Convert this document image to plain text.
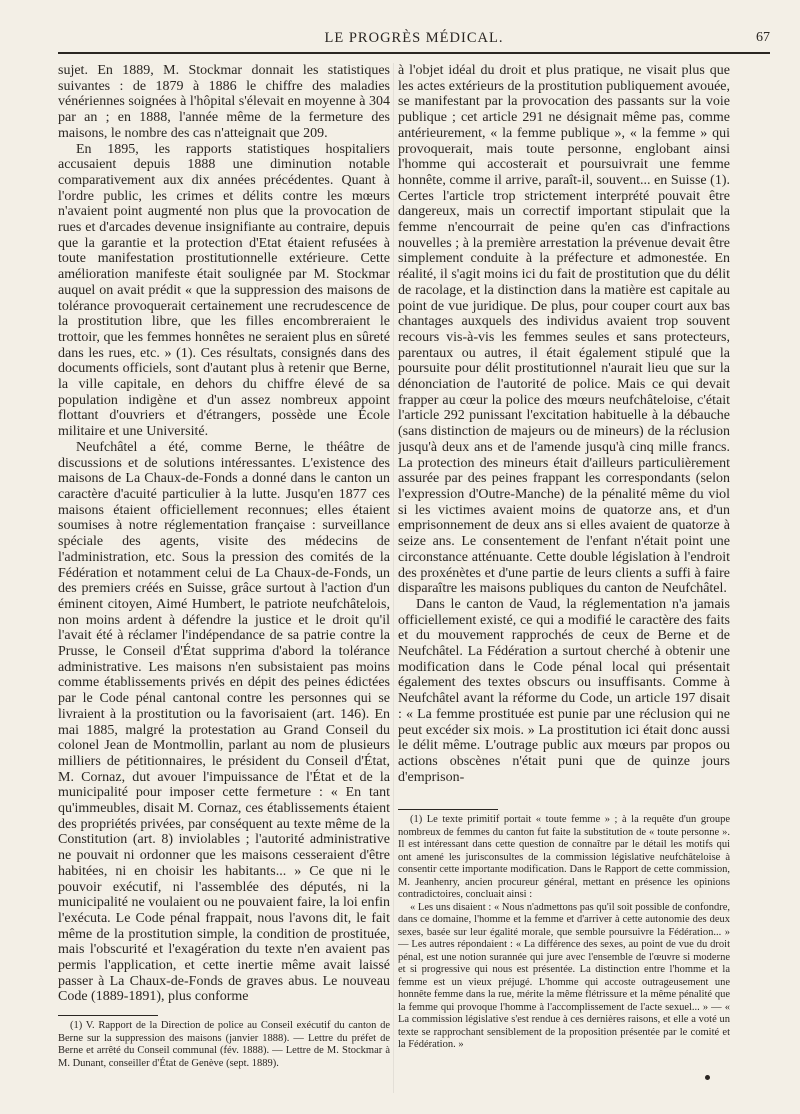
LE PROGRÈS MÉDICAL.	67

sujet. En 1889, M. Stockmar donnait les statistiques suivantes : de 1879 à 1886 le chiffre des maladies vénériennes soignées à l'hôpital s'élevait en moyenne à 304 par an ; en 1888, l'année même de la fermeture des maisons, le nombre des cas n'atteignait que 209.

En 1895, les rapports statistiques hospitaliers accusaient depuis 1888 une diminution notable comparativement aux dix années précédentes. Quant à l'ordre public, les crimes et délits contre les mœurs n'avaient point augmenté non plus que la provocation de rues et d'arcades devenue insignifiante au contraire, depuis que la garantie et la protection d'Etat étaient refusées à toute manifestation prostitutionnelle extérieure. Cette amélioration manifeste était soulignée par M. Stockmar auquel on avait prédit « que la suppression des maisons de tolérance provoquerait certainement une recrudescence de la prostitution libre, que les filles encombreraient le trottoir, que les femmes honnêtes ne seraient plus en sûreté dans les rues, etc. » (1). Ces résultats, consignés dans des documents officiels, sont d'autant plus à retenir que Berne, la ville capitale, en dehors du chiffre élevé de sa population indigène et d'un assez nombreux appoint flottant d'ouvriers et d'étrangers, possède une École militaire et une Université.

Neufchâtel a été, comme Berne, le théâtre de discussions et de solutions intéressantes. L'existence des maisons de La Chaux-de-Fonds a donné dans le canton un caractère d'acuité particulier à la lutte. Jusqu'en 1877 ces maisons étaient officiellement reconnues; elles étaient soumises à notre réglementation française : surveillance spéciale des agents, visite des médecins de l'administration, etc. Sous la pression des comités de la Fédération et notamment celui de La Chaux-de-Fonds, un des premiers créés en Suisse, grâce surtout à l'action d'un éminent citoyen, Aimé Humbert, le patriote neufchâtelois, non moins ardent à défendre la justice et le droit qu'il l'avait été à réclamer l'indépendance de sa patrie contre la Prusse, le Conseil d'État supprima d'abord la tolérance administrative. Les maisons n'en subsistaient pas moins comme établissements privés en dépit des peines édictées par le Code pénal cantonal contre les personnes qui se livraient à la prostitution ou la favorisaient (art. 146). En mai 1885, malgré la protestation au Grand Conseil du colonel Jean de Montmollin, parlant au nom de plusieurs milliers de pétitionnaires, le président du Conseil d'État, M. Cornaz, dut avouer l'impuissance de l'État et de la municipalité pour imposer cette fermeture : « En tant qu'immeubles, disait M. Cornaz, ces établissements étaient des propriétés privées, par conséquent au texte même de la Constitution (art. 8) inviolables ; l'autorité administrative ne pouvait ni ordonner que les maisons cesseraient d'être habitées, ni en choisir les habitants... » Ce que ni le pouvoir exécutif, ni l'assemblée des députés, ni la municipalité ne voulaient ou ne pouvaient faire, la loi enfin l'exécuta. Le Code pénal frappait, nous l'avons dit, le fait même de la prostitution simple, la condition de prostituée, mais l'obscurité et l'exagération du texte n'en avaient pas permis l'application, et cette inertie même avait laissé passer à La Chaux-de-Fonds de graves abus. Le nouveau Code (1889-1891), plus conforme

(1) V. Rapport de la Direction de police au Conseil exécutif du canton de Berne sur la suppression des maisons (janvier 1888). — Lettre du préfet de Berne et arrêté du Conseil communal (fév. 1888). — Lettre de M. Stockmar à M. Dunant, conseiller d'État de Genève (sept. 1889).

à l'objet idéal du droit et plus pratique, ne visait plus que les actes extérieurs de la prostitution publiquement avouée, se manifestant par la provocation des passants sur la voie publique ; cet article 291 ne désignait même pas, comme antérieurement, « la femme publique », « la femme » qui provoquerait, mais toute personne, englobant ainsi l'homme qui accosterait et poursuivrait une femme honnête, comme il arrive, paraît-il, souvent... en Suisse (1). Certes l'article trop strictement interprété pouvait être dangereux, mais un correctif important stipulait que la femme n'encourrait de peine qu'en cas d'infractions nouvelles ; à la première arrestation la prévenue devait être simplement conduite à la préfecture et admonestée. En réalité, il s'agit moins ici du fait de prostitution que du délit de racolage, et la distinction dans la matière est capitale au point de vue juridique. De plus, pour couper court aux bas chantages auxquels des individus avaient trop souvent recours vis-à-vis les femmes seules et sans protecteurs, parentaux ou autres, il était également stipulé que la poursuite pour délit prostitutionnel n'aurait lieu que sur la dénonciation de l'autorité de police. Mais ce qui devait frapper au cœur la police des mœurs neufchâteloise, c'était l'article 292 punissant l'excitation habituelle à la débauche (sans distinction de majeurs ou de mineurs) de la réclusion jusqu'à deux ans et de l'amende jusqu'à cinq mille francs. La protection des mineurs était d'ailleurs particulièrement assurée par des peines frappant les correspondants (selon l'expression d'Outre-Manche) de la pénalité même du viol si les victimes avaient moins de quatorze ans, et d'un emprisonnement de deux ans si elles avaient de quatorze à seize ans. Le consentement de l'enfant n'était point une circonstance atténuante. Cette double législation à l'endroit des proxénètes et d'une partie de leurs clients a suffi à faire disparaître les maisons publiques du canton de Neufchâtel.

Dans le canton de Vaud, la réglementation n'a jamais officiellement existé, ce qui a modifié le caractère des faits et du mouvement rapprochés de ceux de Berne et de Neufchâtel. La Fédération a surtout cherché à obtenir une modification dans le Code pénal local qui présentait également des textes obscurs ou insuffisants. Comme à Neufchâtel avant la réforme du Code, un article 197 disait : « La femme prostituée est punie par une réclusion qui ne peut excéder six mois. » La prostitution ici était donc aussi le délit même. L'outrage public aux mœurs par propos ou actions obscènes n'était puni que de quinze jours d'emprison-

(1) Le texte primitif portait « toute femme » ; à la requête d'un groupe nombreux de femmes du canton fut faite la substitution de « toute personne ». Il est intéressant dans cette question de connaître par le détail les motifs qui ont amené les jurisconsultes de la commission législative neufchâteloise à consentir cette importante modification. Dans le Rapport de cette commission, M. Jeanhenry, ancien procureur général, mettant en présence les opinions contradictoires, concluait ainsi :

« Les uns disaient : « Nous n'admettons pas qu'il soit possible de confondre, dans ce domaine, l'homme et la femme et d'arriver à cette autonomie des deux sexes, basée sur leur égalité morale, que semble poursuivre la Fédération... » — Les autres répondaient : « La différence des sexes, au point de vue du droit pénal, est une notion surannée qui jure avec l'ensemble de l'œuvre si moderne et si progressive qui nous est présentée. La distinction entre l'homme et la femme est un vieux préjugé. L'homme qui accoste outrageusement une honnête femme dans la rue, mérite la même flétrissure et la même pénalité que la femme qui provoque l'homme à l'accomplissement de l'acte sexuel... » — « La commission législative s'est rendue à ces dernières raisons, et elle a voté un texte se rapprochant sensiblement de la proposition présentée par le comité et la Fédération. »
